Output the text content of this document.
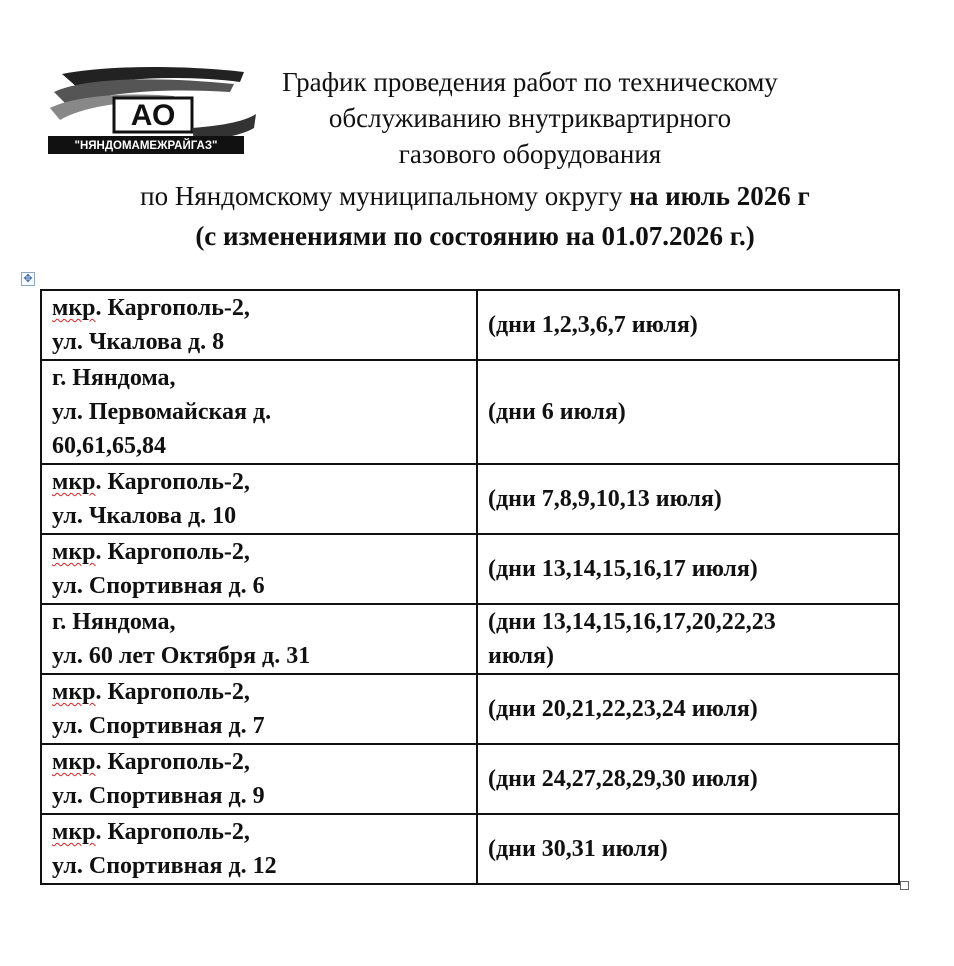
АО
"НЯНДОМАМЕЖРАЙГАЗ"
График проведения работ по техническому
обслуживанию внутриквартирного
газового оборудования
по Няндомскому муниципальному округу на июль 2026 г
(с изменениями по состоянию на 01.07.2026 г.)
✥
мкр. Каргополь-2,
ул. Чкалова д. 8	(дни 1,2,3,6,7 июля)

г. Няндома,
ул. Первомайская д.
60,61,65,84	(дни 6 июля)

мкр. Каргополь-2,
ул. Чкалова д. 10	(дни 7,8,9,10,13 июля)

мкр. Каргополь-2,
ул. Спортивная д. 6	(дни 13,14,15,16,17 июля)

г. Няндома,
ул. 60 лет Октября д. 31	(дни 13,14,15,16,17,20,22,23
июля)

мкр. Каргополь-2,
ул. Спортивная д. 7	(дни 20,21,22,23,24 июля)

мкр. Каргополь-2,
ул. Спортивная д. 9	(дни 24,27,28,29,30 июля)

мкр. Каргополь-2,
ул. Спортивная д. 12	(дни 30,31 июля)
